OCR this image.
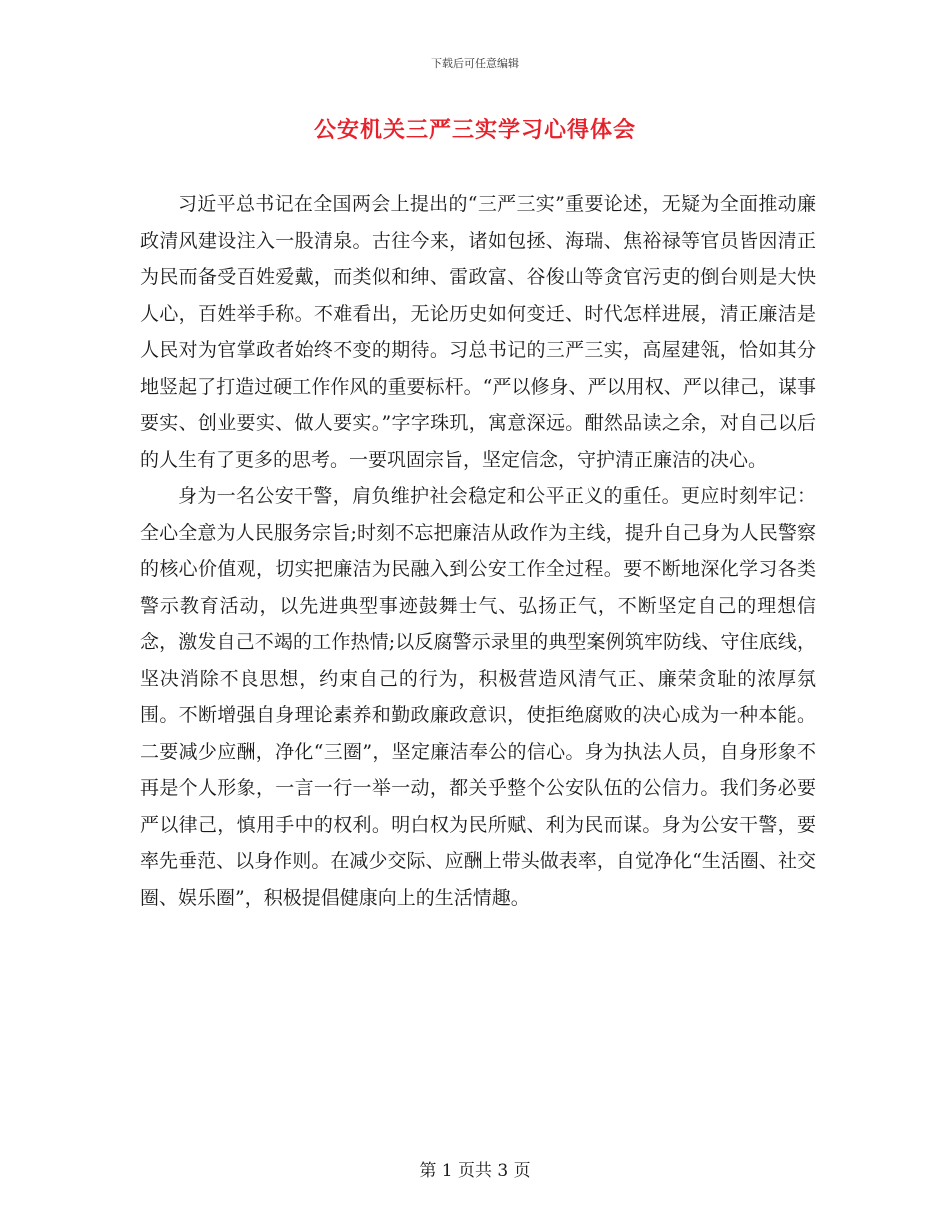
下载后可任意编辑
公安机关三严三实学习心得体会

习近平总书记在全国两会上提出的“三严三实”重要论述，无疑为全面推动廉政清风建设注入一股清泉。古往今来，诸如包拯、海瑞、焦裕禄等官员皆因清正为民而备受百姓爱戴，而类似和绅、雷政富、谷俊山等贪官污吏的倒台则是大快人心，百姓举手称。不难看出，无论历史如何变迁、时代怎样进展，清正廉洁是人民对为官掌政者始终不变的期待。习总书记的三严三实，高屋建瓴，恰如其分地竖起了打造过硬工作作风的重要标杆。“严以修身、严以用权、严以律己，谋事要实、创业要实、做人要实。”字字珠玑，寓意深远。酣然品读之余，对自己以后的人生有了更多的思考。一要巩固宗旨，坚定信念，守护清正廉洁的决心。

身为一名公安干警，肩负维护社会稳定和公平正义的重任。更应时刻牢记：全心全意为人民服务宗旨;时刻不忘把廉洁从政作为主线，提升自己身为人民警察的核心价值观，切实把廉洁为民融入到公安工作全过程。要不断地深化学习各类警示教育活动，以先进典型事迹鼓舞士气、弘扬正气，不断坚定自己的理想信念，激发自己不竭的工作热情;以反腐警示录里的典型案例筑牢防线、守住底线，坚决消除不良思想，约束自己的行为，积极营造风清气正、廉荣贪耻的浓厚氛围。不断增强自身理论素养和勤政廉政意识，使拒绝腐败的决心成为一种本能。二要减少应酬，净化“三圈”，坚定廉洁奉公的信心。身为执法人员，自身形象不再是个人形象，一言一行一举一动，都关乎整个公安队伍的公信力。我们务必要严以律己，慎用手中的权利。明白权为民所赋、利为民而谋。身为公安干警，要率先垂范、以身作则。在减少交际、应酬上带头做表率，自觉净化“生活圈、社交圈、娱乐圈”，积极提倡健康向上的生活情趣。

第 1 页共 3 页
